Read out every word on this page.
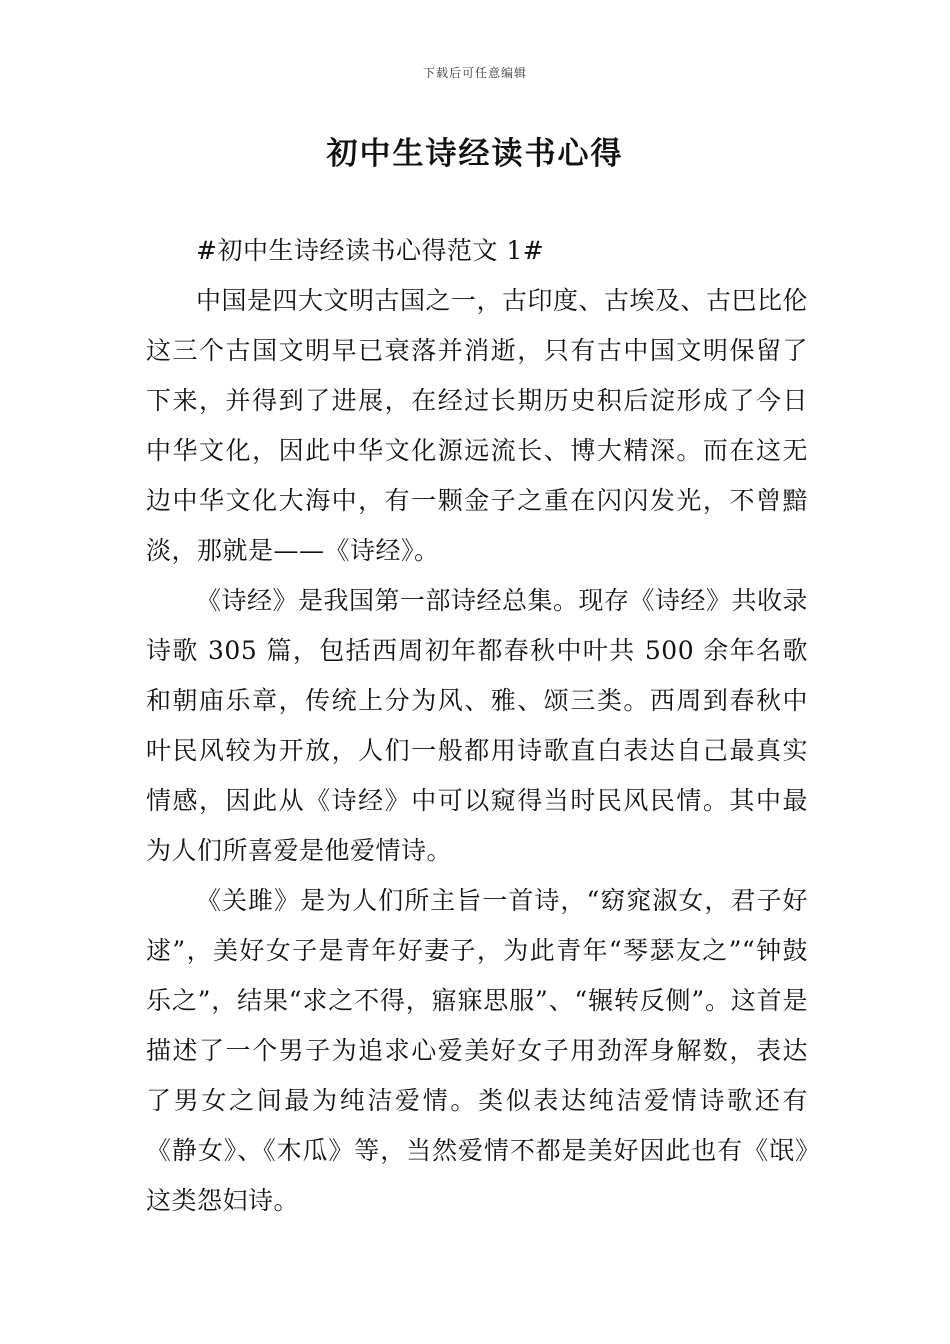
下载后可任意编辑
初中生诗经读书心得

#初中生诗经读书心得范文 1#

中国是四大文明古国之一，古印度、古埃及、古巴比伦这三个古国文明早已衰落并消逝，只有古中国文明保留了下来，并得到了进展，在经过长期历史积后淀形成了今日中华文化，因此中华文化源远流长、博大精深。而在这无边中华文化大海中，有一颗金子之重在闪闪发光，不曾黯淡，那就是——《诗经》。

《诗经》是我国第一部诗经总集。现存《诗经》共收录诗歌 305 篇，包括西周初年都春秋中叶共 500 余年名歌和朝庙乐章，传统上分为风、雅、颂三类。西周到春秋中叶民风较为开放，人们一般都用诗歌直白表达自己最真实情感，因此从《诗经》中可以窥得当时民风民情。其中最为人们所喜爱是他爱情诗。

《关雎》是为人们所主旨一首诗，“窈窕淑女，君子好逑”，美好女子是青年好妻子，为此青年“琴瑟友之”“钟鼓乐之”，结果“求之不得，寤寐思服”、“辗转反侧”。这首是描述了一个男子为追求心爱美好女子用劲浑身解数，表达了男女之间最为纯洁爱情。类似表达纯洁爱情诗歌还有《静女》、《木瓜》等，当然爱情不都是美好因此也有《氓》这类怨妇诗。
